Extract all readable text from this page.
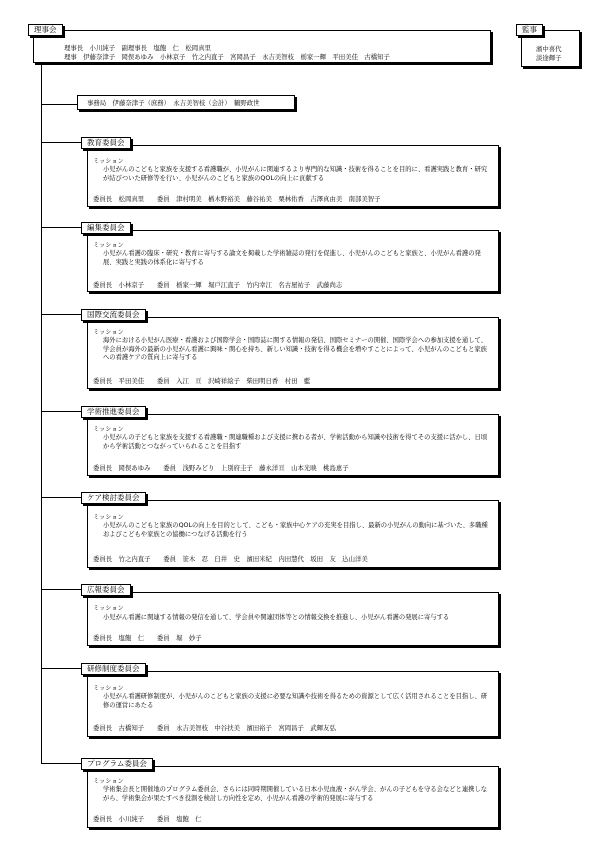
理事会
理事長　小川純子　副理事長　塩飽　仁　松岡真里
理事　伊藤奈津子　岡俣あゆみ　小林京子　竹之内直子　宮岡昌子　永吉美智枝　栃家一輝　平田美佳　古橋知子
監事
濱中喜代
淡途輝子
事務局　伊藤奈津子（庶務）　永吉美智枝（会計）　鶴野政世
教育委員会
ミッション
小児がんのこどもと家族を支援する看護職が、小児がんに関連するより専門的な知識・技術を得ることを目的に、看護実践と教育・研究が結びついた研修等を行い、小児がんのこどもと家族のQOLの向上に貢献する
委員長　松岡真里　　委員　津村明美　楢木野裕美　藤谷祐美　栗林佑香　吉澤真由美　南部美智子
編集委員会
ミッション
小児がん看護の臨床・研究・教育に寄与する論文を掲載した学術雑誌の発行を促進し、小児がんのこどもと家族と、小児がん看護の発展、実践と実践の体系化に寄与する
委員長　小林京子　　委員　栃家一輝　堀戸江直子　竹内幸江　名古屋祐子　武藤尚志
国際交流委員会
ミッション
海外における小児がん医療・看護および国際学会・国際誌に関する情報の発信、国際セミナーの開催、国際学会への参加支援を通して、学会員が海外の最新の小児がん看護に興味・関心を持ち、新しい知識・技術を得る機会を増やすことによって、小児がんのこどもと家族への看護ケアの質向上に寄与する
委員長　平田美佳　　委員　入江　亘　沢崎祥絵子　柴田明日香　村田　藍
学術推進委員会
ミッション
小児がんの子どもと家族を支援する看護職・関連職種および支援に携わる者が、学術活動から知識や技術を得てその支援に活かし、日頃から学術活動とつながっていられることを目指す
委員長　岡俣あゆみ　　委員　浅野みどり　上別府圭子　藤永洋亘　山本光映　桃島恵子
ケア検討委員会
ミッション
小児がんのこどもと家族のQOLの向上を目的として、こども・家族中心ケアの充実を目指し、最新の小児がんの動向に基づいた、多職種およびこどもや家族との協働につなげる活動を行う
委員長　竹之内直子　　委員　笹木　忍　臼井　史　濱田米紀　内田慧代　坂田　友　込山洋美
広報委員会
ミッション
小児がん看護に関連する情報の発信を通して、学会員や関連団体等との情報交換を推進し、小児がん看護の発展に寄与する
委員長　塩飽　仁　　委員　堀　妙子
研修制度委員会
ミッション
小児がん看護研修制度が、小児がんのこどもと家族の支援に必要な知識や技術を得るための資源として広く活用されることを目指し、研修の運営にあたる
委員長　古橋知子　　委員　永吉美智枝　中谷扶美　濱田裕子　宮岡昌子　武輝友弘
プログラム委員会
ミッション
学術集会長と開催地のプログラム委員会、さらには同時期開催している日本小児血液・がん学会、がんの子どもを守る会などと連携しながら、学術集会が果たすべき役割を検討し方向性を定め、小児がん看護の学術的発展に寄与する
委員長　小川純子　　委員　塩飽　仁
